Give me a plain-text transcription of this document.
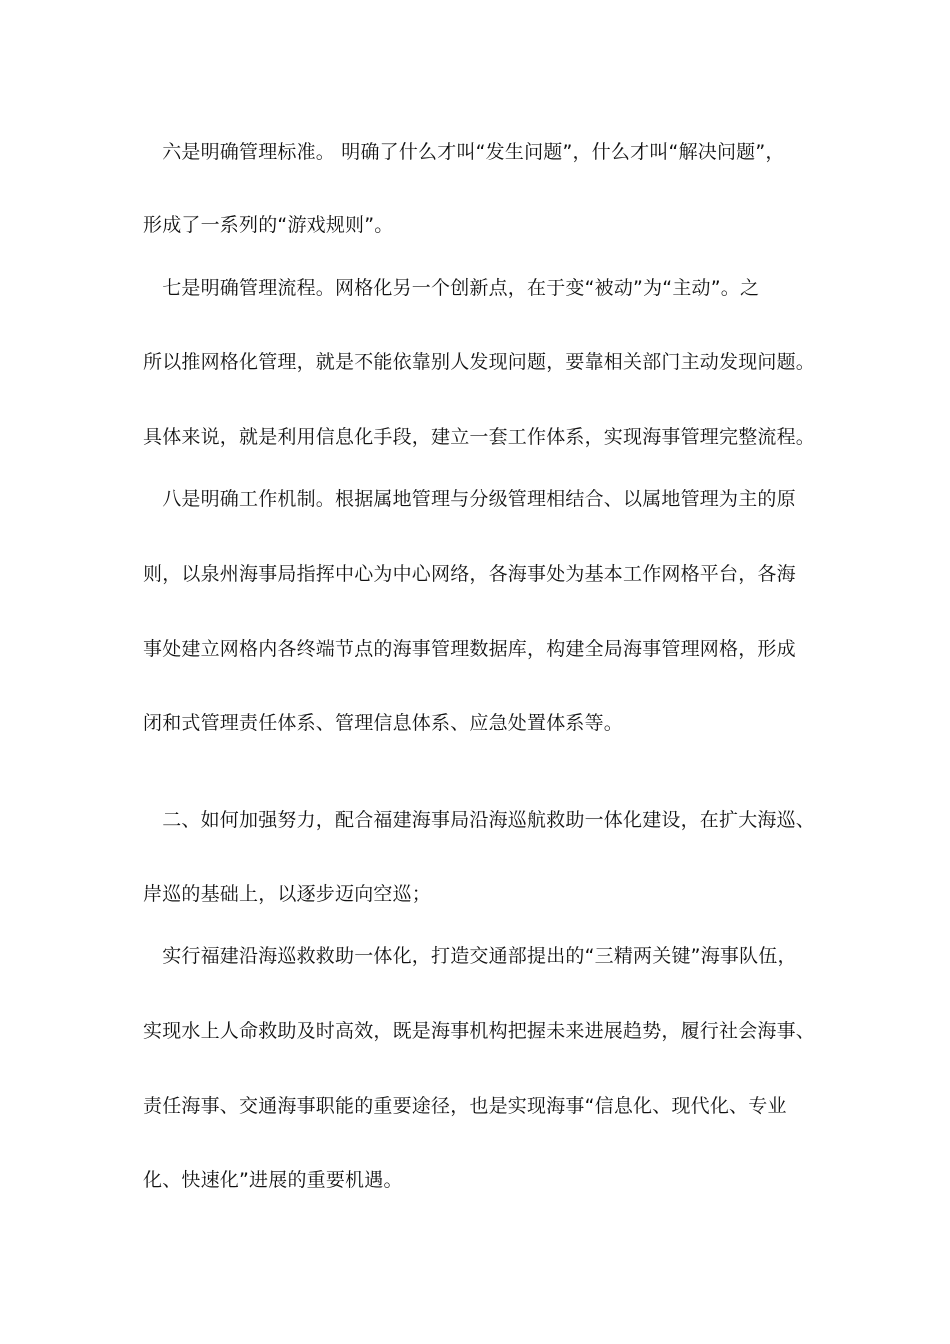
　六是明确管理标准。 明确了什么才叫“发生问题”，什么才叫“解决问题”，
形成了一系列的“游戏规则”。
　七是明确管理流程。网格化另一个创新点，在于变“被动”为“主动”。之
所以推网格化管理，就是不能依靠别人发现问题，要靠相关部门主动发现问题。
具体来说，就是利用信息化手段，建立一套工作体系，实现海事管理完整流程。
　八是明确工作机制。根据属地管理与分级管理相结合、以属地管理为主的原
则，以泉州海事局指挥中心为中心网络，各海事处为基本工作网格平台，各海
事处建立网格内各终端节点的海事管理数据库，构建全局海事管理网格，形成
闭和式管理责任体系、管理信息体系、应急处置体系等。
　二、如何加强努力，配合福建海事局沿海巡航救助一体化建设，在扩大海巡、
岸巡的基础上，以逐步迈向空巡；
　实行福建沿海巡救救助一体化，打造交通部提出的“三精两关键”海事队伍，
实现水上人命救助及时高效，既是海事机构把握未来进展趋势，履行社会海事、
责任海事、交通海事职能的重要途径，也是实现海事“信息化、现代化、专业
化、快速化”进展的重要机遇。
